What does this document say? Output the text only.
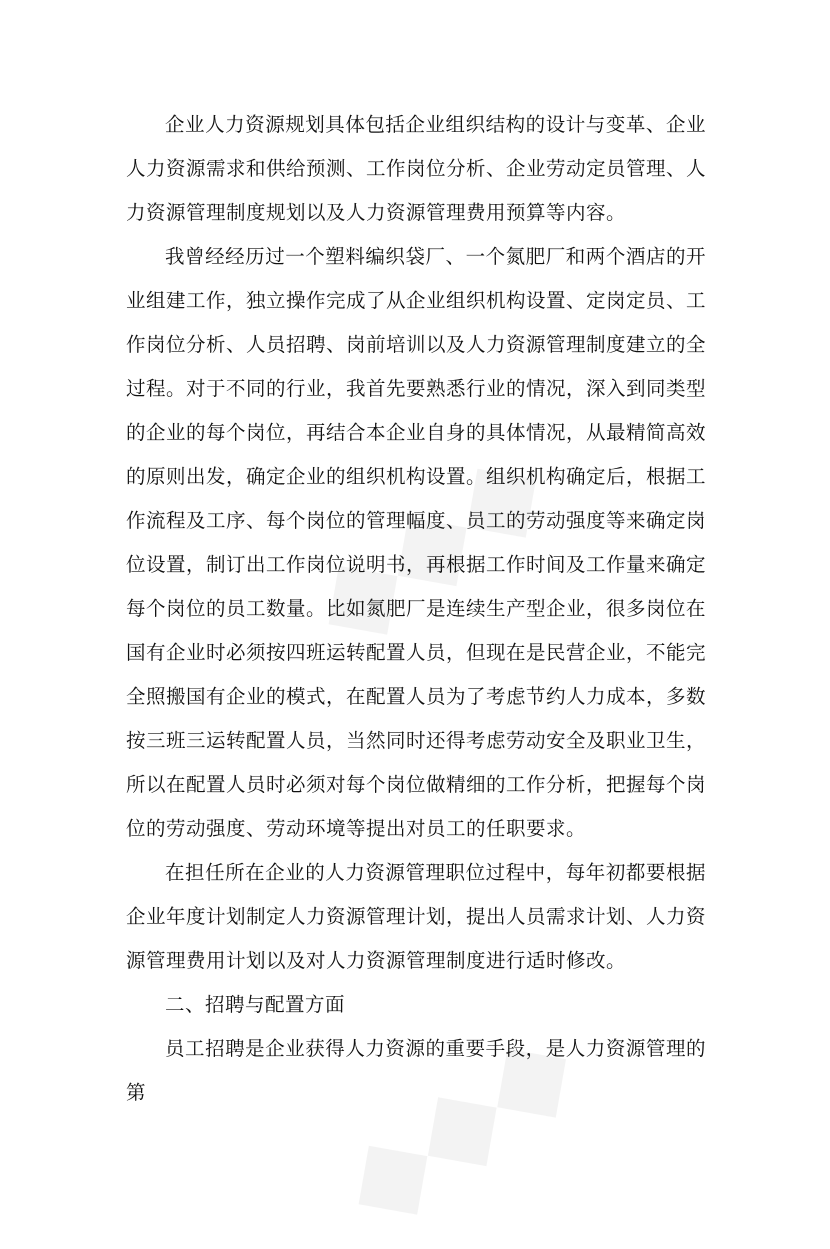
企业人力资源规划具体包括企业组织结构的设计与变革、企业人力资源需求和供给预测、工作岗位分析、企业劳动定员管理、人力资源管理制度规划以及人力资源管理费用预算等内容。

我曾经经历过一个塑料编织袋厂、一个氮肥厂和两个酒店的开业组建工作，独立操作完成了从企业组织机构设置、定岗定员、工作岗位分析、人员招聘、岗前培训以及人力资源管理制度建立的全过程。对于不同的行业，我首先要熟悉行业的情况，深入到同类型的企业的每个岗位，再结合本企业自身的具体情况，从最精简高效的原则出发，确定企业的组织机构设置。组织机构确定后，根据工作流程及工序、每个岗位的管理幅度、员工的劳动强度等来确定岗位设置，制订出工作岗位说明书，再根据工作时间及工作量来确定每个岗位的员工数量。比如氮肥厂是连续生产型企业，很多岗位在国有企业时必须按四班运转配置人员，但现在是民营企业，不能完全照搬国有企业的模式，在配置人员为了考虑节约人力成本，多数按三班三运转配置人员，当然同时还得考虑劳动安全及职业卫生，所以在配置人员时必须对每个岗位做精细的工作分析，把握每个岗位的劳动强度、劳动环境等提出对员工的任职要求。

在担任所在企业的人力资源管理职位过程中，每年初都要根据企业年度计划制定人力资源管理计划，提出人员需求计划、人力资源管理费用计划以及对人力资源管理制度进行适时修改。

二、招聘与配置方面

员工招聘是企业获得人力资源的重要手段，是人力资源管理的第
